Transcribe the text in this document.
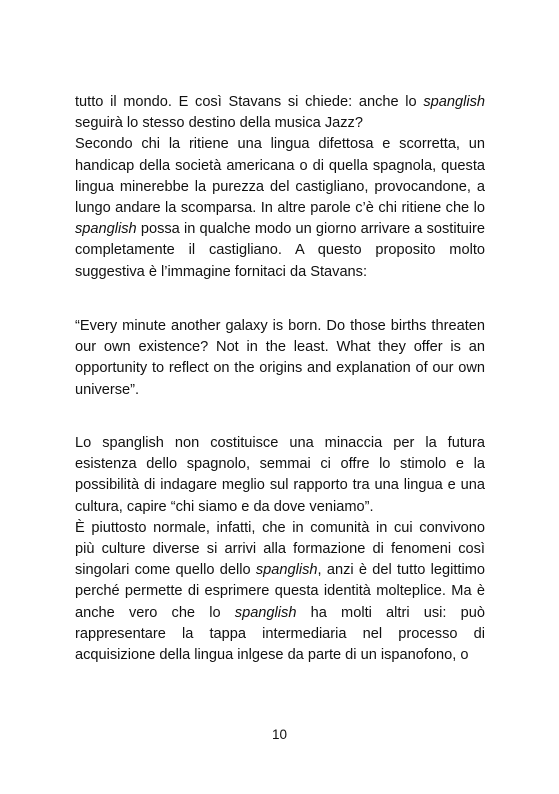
tutto il mondo. E così Stavans si chiede: anche lo spanglish seguirà lo stesso destino della musica Jazz?

Secondo chi la ritiene una lingua difettosa e scorretta, un handicap della società americana o di quella spagnola, questa lingua minerebbe la purezza del castigliano, provocandone, a lungo andare la scomparsa. In altre parole c’è chi ritiene che lo spanglish possa in qualche modo un giorno arrivare a sostituire completamente il castigliano. A questo proposito molto suggestiva è l’immagine fornitaci da Stavans:

“Every minute another galaxy is born. Do those births threaten our own existence? Not in the least. What they offer is an opportunity to reflect on the origins and explanation of our own universe”.

Lo spanglish non costituisce una minaccia per la futura esistenza dello spagnolo, semmai ci offre lo stimolo e la possibilità di indagare meglio sul rapporto tra una lingua e una cultura, capire “chi siamo e da dove veniamo”.

È piuttosto normale, infatti, che in comunità in cui convivono più culture diverse si arrivi alla formazione di fenomeni così singolari come quello dello spanglish, anzi è del tutto legittimo perché permette di esprimere questa identità molteplice. Ma è anche vero che lo spanglish ha molti altri usi: può rappresentare la tappa intermediaria nel processo di acquisizione della lingua inlgese da parte di un ispanofono, o

10
